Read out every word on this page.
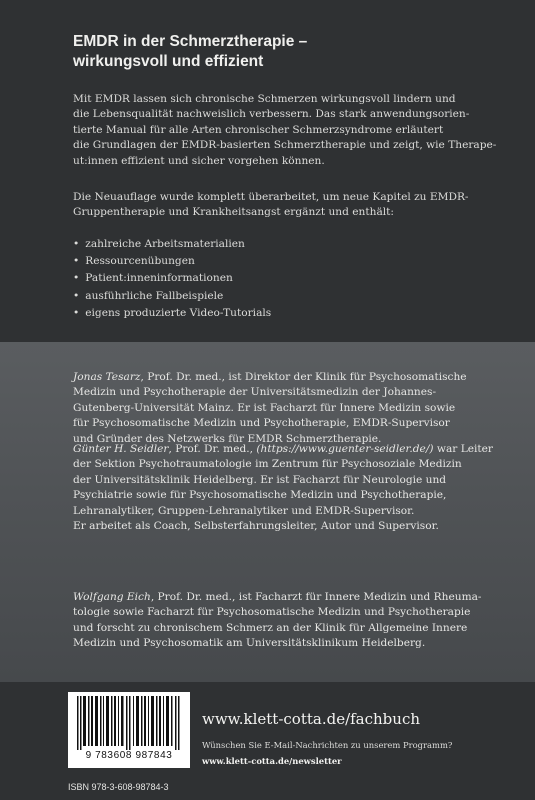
EMDR in der Schmerztherapie –
wirkungsvoll und effizient

Mit EMDR lassen sich chronische Schmerzen wirkungsvoll lindern und
die Lebensqualität nachweislich verbessern. Das stark anwendungsorien-
tierte Manual für alle Arten chronischer Schmerzsyndrome erläutert
die Grundlagen der EMDR-basierten Schmerztherapie und zeigt, wie Therape-
ut:innen effizient und sicher vorgehen können.

Die Neuauflage wurde komplett überarbeitet, um neue Kapitel zu EMDR-
Gruppentherapie und Krankheitsangst ergänzt und enthält:

• zahlreiche Arbeitsmaterialien
• Ressourcenübungen
• Patient:inneninformationen
• ausführliche Fallbeispiele
• eigens produzierte Video-Tutorials

Jonas Tesarz, Prof. Dr. med., ist Direktor der Klinik für Psychosomatische
Medizin und Psychotherapie der Universitätsmedizin der Johannes-
Gutenberg-Universität Mainz. Er ist Facharzt für Innere Medizin sowie
für Psychosomatische Medizin und Psychotherapie, EMDR-Supervisor
und Gründer des Netzwerks für EMDR Schmerztherapie.

Günter H. Seidler, Prof. Dr. med., (https://www.guenter-seidler.de/) war Leiter
der Sektion Psychotraumatologie im Zentrum für Psychosoziale Medizin
der Universitätsklinik Heidelberg. Er ist Facharzt für Neurologie und
Psychiatrie sowie für Psychosomatische Medizin und Psychotherapie,
Lehranalytiker, Gruppen-Lehranalytiker und EMDR-Supervisor.
Er arbeitet als Coach, Selbsterfahrungsleiter, Autor und Supervisor.

Wolfgang Eich, Prof. Dr. med., ist Facharzt für Innere Medizin und Rheuma-
tologie sowie Facharzt für Psychosomatische Medizin und Psychotherapie
und forscht zu chronischem Schmerz an der Klinik für Allgemeine Innere
Medizin und Psychosomatik am Universitätsklinikum Heidelberg.

9 783608 987843
ISBN 978-3-608-98784-3
www.klett-cotta.de/fachbuch
Wünschen Sie E-Mail-Nachrichten zu unserem Programm?
www.klett-cotta.de/newsletter
